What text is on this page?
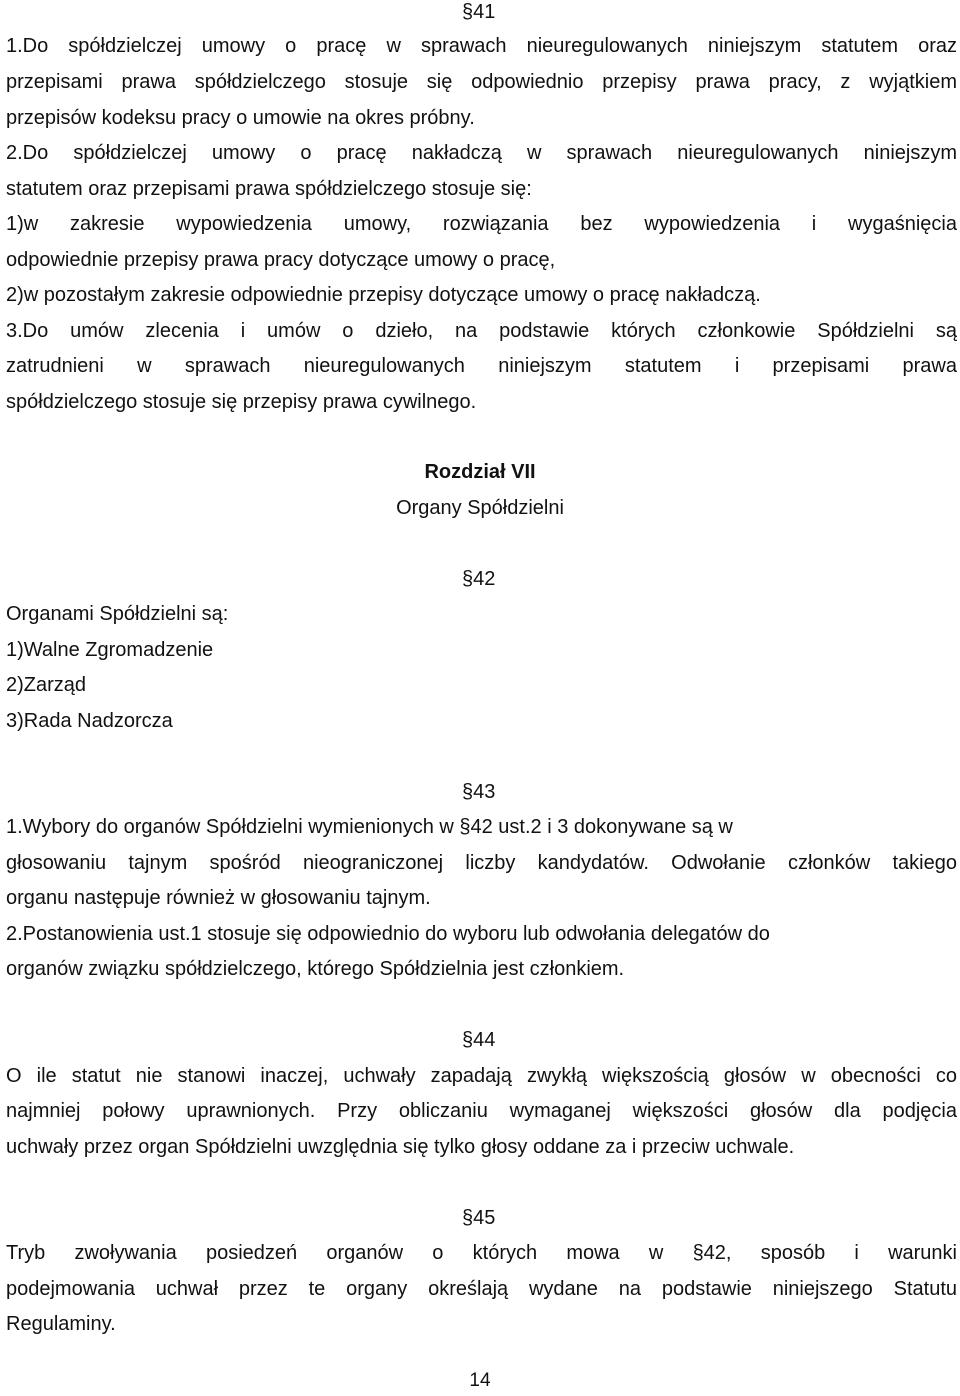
§41
1.Do spółdzielczej umowy o pracę w sprawach nieuregulowanych niniejszym statutem oraz
przepisami prawa spółdzielczego stosuje się odpowiednio przepisy prawa pracy, z wyjątkiem
przepisów kodeksu pracy o umowie na okres próbny.
2.Do spółdzielczej umowy o pracę nakładczą w sprawach nieuregulowanych niniejszym
statutem oraz przepisami prawa spółdzielczego stosuje się:
1)w zakresie wypowiedzenia umowy, rozwiązania bez wypowiedzenia i wygaśnięcia
odpowiednie przepisy prawa pracy dotyczące umowy o pracę,
2)w pozostałym zakresie odpowiednie przepisy dotyczące umowy o pracę nakładczą.
3.Do umów zlecenia i umów o dzieło, na podstawie których członkowie Spółdzielni są
zatrudnieni w sprawach nieuregulowanych niniejszym statutem i przepisami prawa
spółdzielczego stosuje się przepisy prawa cywilnego.
Rozdział VII
Organy Spółdzielni
§42
Organami Spółdzielni są:
1)Walne Zgromadzenie
2)Zarząd
3)Rada Nadzorcza
§43
1.Wybory do organów Spółdzielni wymienionych w §42 ust.2 i 3 dokonywane są w
głosowaniu tajnym spośród nieograniczonej liczby kandydatów. Odwołanie członków takiego
organu następuje również w głosowaniu tajnym.
2.Postanowienia ust.1 stosuje się odpowiednio do wyboru lub odwołania delegatów do
organów związku spółdzielczego, którego Spółdzielnia jest członkiem.
§44
O ile statut nie stanowi inaczej, uchwały zapadają zwykłą większością głosów w obecności co
najmniej połowy uprawnionych. Przy obliczaniu wymaganej większości głosów dla podjęcia
uchwały przez organ Spółdzielni uwzględnia się tylko głosy oddane za i przeciw uchwale.
§45
Tryb zwoływania posiedzeń organów o których mowa w §42, sposób i warunki
podejmowania uchwał przez te organy określają wydane na podstawie niniejszego Statutu
Regulaminy.
14
